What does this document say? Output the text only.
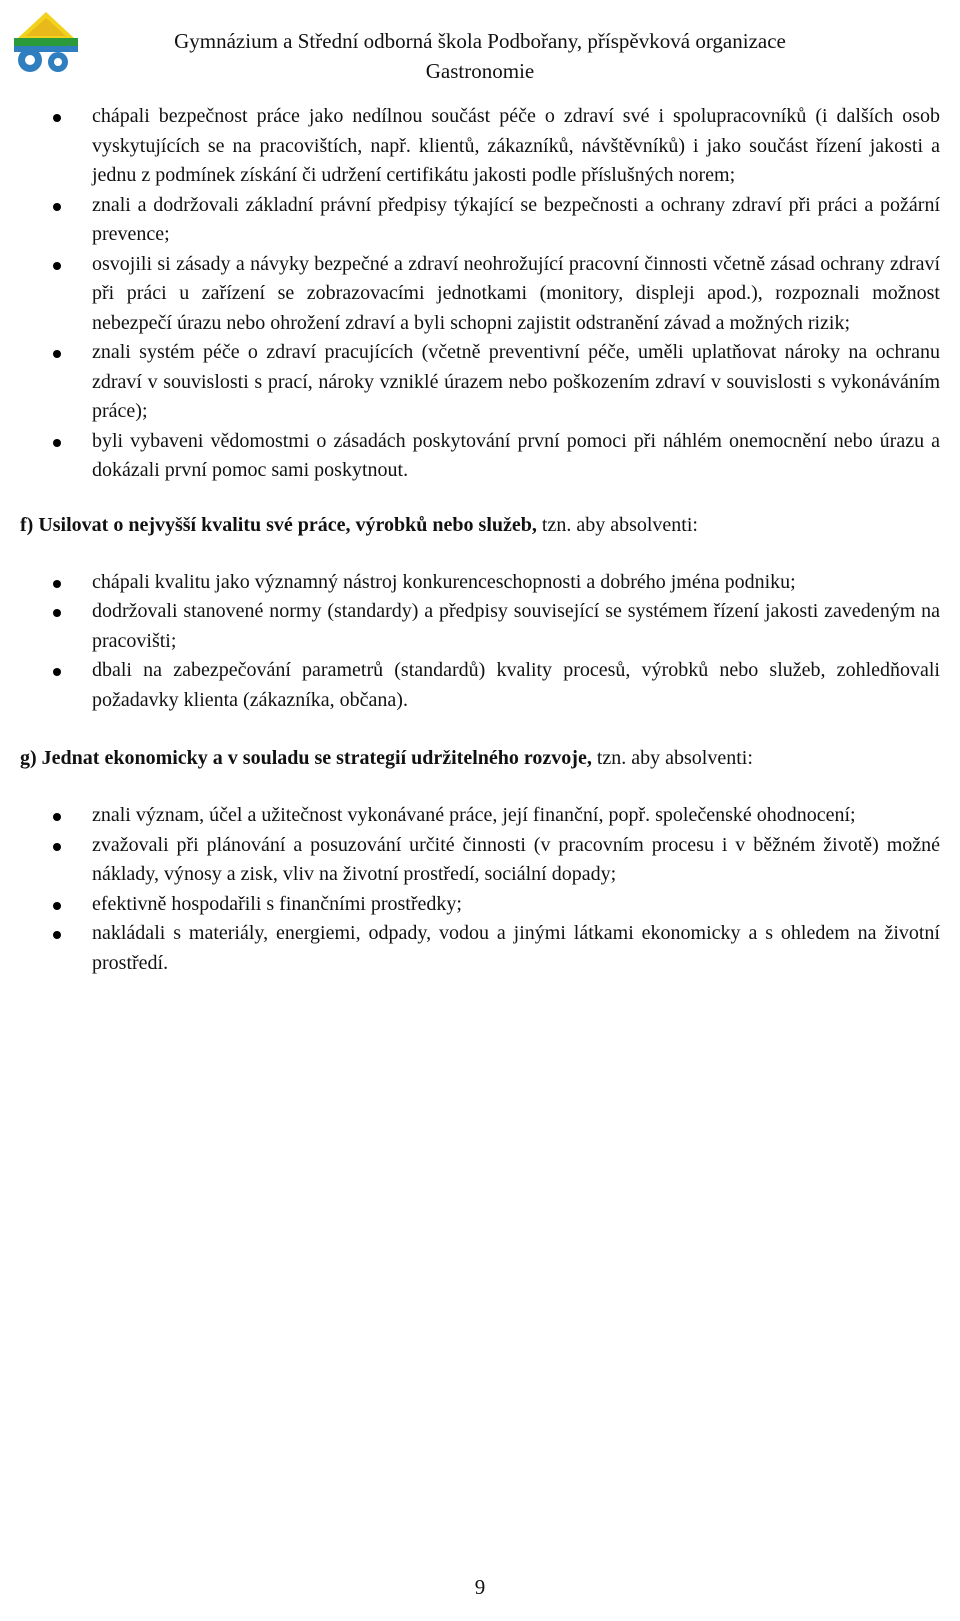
Gymnázium a Střední odborná škola Podbořany, příspěvková organizace
Gastronomie
chápali bezpečnost práce jako nedílnou součást péče o zdraví své i spolupracovníků (i dalších osob vyskytujících se na pracovištích, např. klientů, zákazníků, návštěvníků) i jako součást řízení jakosti a jednu z podmínek získání či udržení certifikátu jakosti podle příslušných norem;
znali a dodržovali základní právní předpisy týkající se bezpečnosti a ochrany zdraví při práci a požární prevence;
osvojili si zásady a návyky bezpečné a zdraví neohrožující pracovní činnosti včetně zásad ochrany zdraví při práci u zařízení se zobrazovacími jednotkami (monitory, displeji apod.), rozpoznali možnost nebezpečí úrazu nebo ohrožení zdraví a byli schopni zajistit odstranění závad a možných rizik;
znali systém péče o zdraví pracujících (včetně preventivní péče, uměli uplatňovat nároky na ochranu zdraví v souvislosti s prací, nároky vzniklé úrazem nebo poškozením zdraví v souvislosti s vykonáváním práce);
byli vybaveni vědomostmi o zásadách poskytování první pomoci při náhlém onemocnění nebo úrazu a dokázali první pomoc sami poskytnout.
f) Usilovat o nejvyšší kvalitu své práce, výrobků nebo služeb, tzn. aby absolventi:
chápali kvalitu jako významný nástroj konkurenceschopnosti a dobrého jména podniku;
dodržovali stanovené normy (standardy) a předpisy související se systémem řízení jakosti zavedeným na pracovišti;
dbali na zabezpečování parametrů (standardů) kvality procesů, výrobků nebo služeb, zohledňovali požadavky klienta (zákazníka, občana).
g) Jednat ekonomicky a v souladu se strategií udržitelného rozvoje, tzn. aby absolventi:
znali význam, účel a užitečnost vykonávané práce, její finanční, popř. společenské ohodnocení;
zvažovali při plánování a posuzování určité činnosti (v pracovním procesu i v běžném životě) možné náklady, výnosy a zisk, vliv na životní prostředí, sociální dopady;
efektivně hospodařili s finančními prostředky;
nakládali s materiály, energiemi, odpady, vodou a jinými látkami ekonomicky a s ohledem na životní prostředí.
9
